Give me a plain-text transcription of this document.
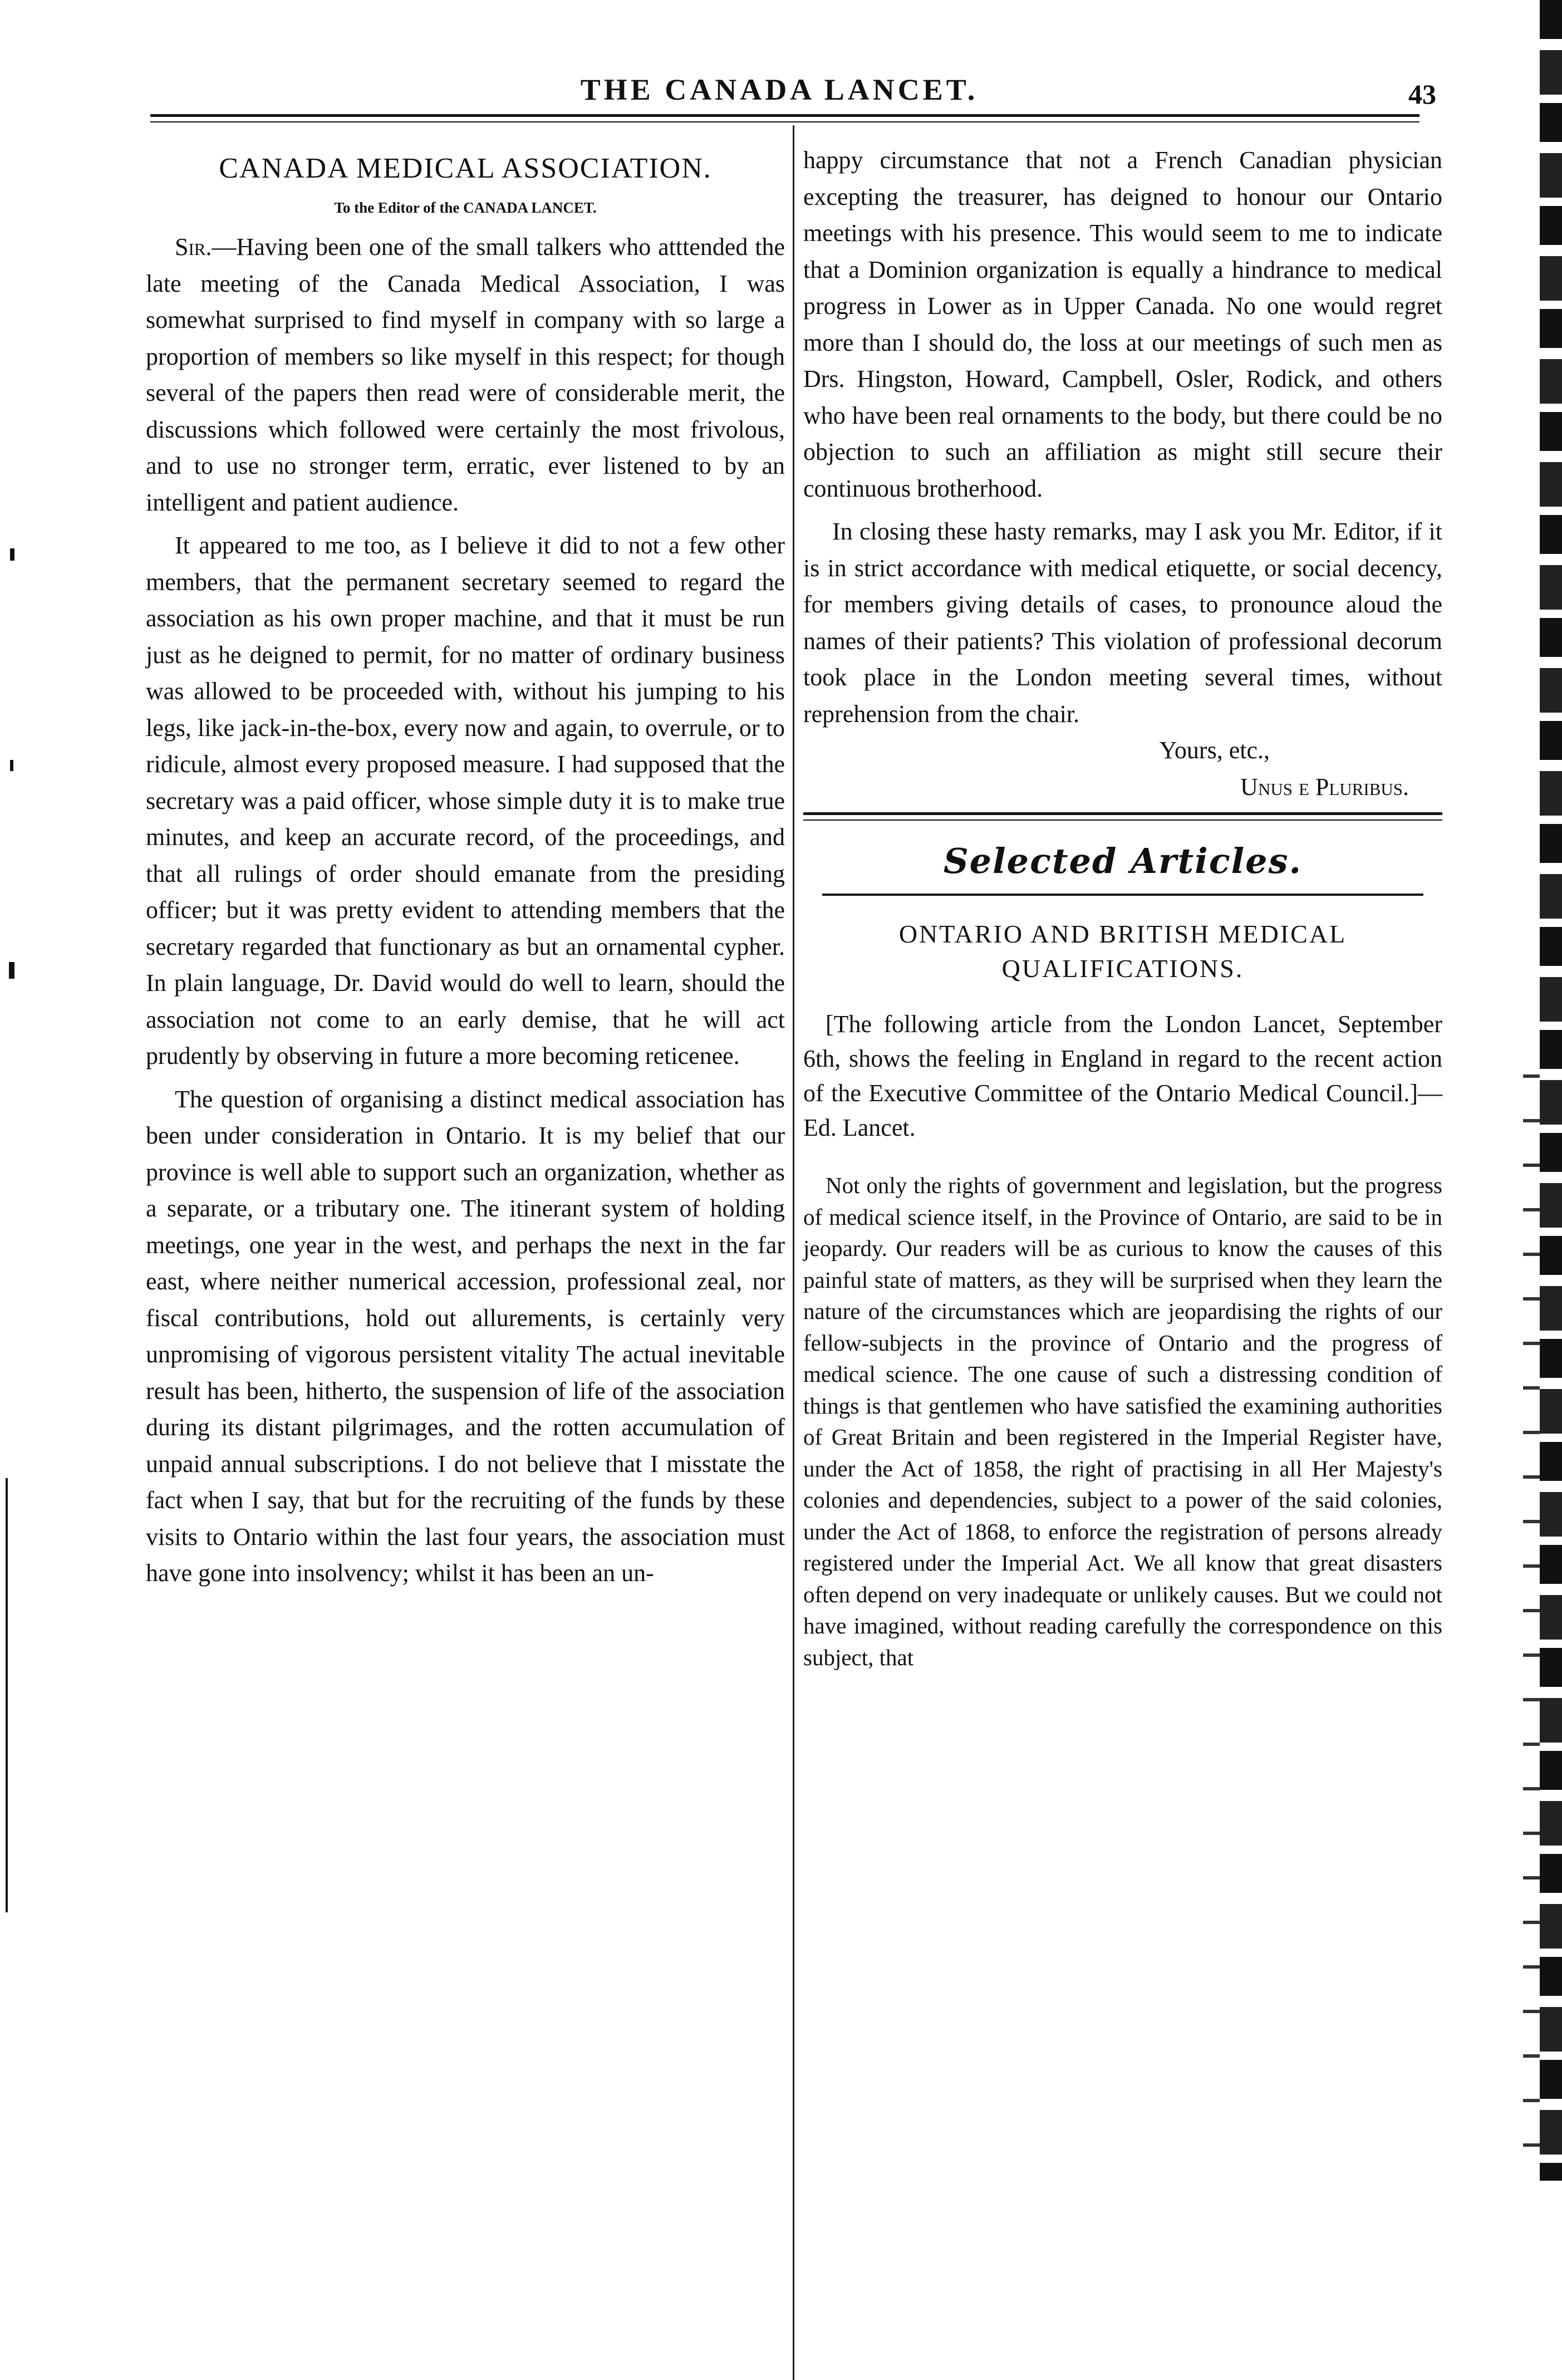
THE CANADA LANCET.	43
CANADA MEDICAL ASSOCIATION.
To the Editor of the CANADA LANCET.

Sir.—Having been one of the small talkers who atttended the late meeting of the Canada Medical Association, I was somewhat surprised to find myself in company with so large a proportion of members so like myself in this respect; for though several of the papers then read were of considerable merit, the discussions which followed were certainly the most frivolous, and to use no stronger term, erratic, ever listened to by an intelligent and patient audience.

It appeared to me too, as I believe it did to not a few other members, that the permanent secretary seemed to regard the association as his own proper machine, and that it must be run just as he deigned to permit, for no matter of ordinary business was allowed to be proceeded with, without his jumping to his legs, like jack-in-the-box, every now and again, to overrule, or to ridicule, almost every proposed measure. I had supposed that the secretary was a paid officer, whose simple duty it is to make true minutes, and keep an accurate record, of the proceedings, and that all rulings of order should emanate from the presiding officer; but it was pretty evident to attending members that the secretary regarded that functionary as but an ornamental cypher. In plain language, Dr. David would do well to learn, should the association not come to an early demise, that he will act prudently by observing in future a more becoming reticenee.

The question of organising a distinct medical association has been under consideration in Ontario. It is my belief that our province is well able to support such an organization, whether as a separate, or a tributary one. The itinerant system of holding meetings, one year in the west, and perhaps the next in the far east, where neither numerical accession, professional zeal, nor fiscal contributions, hold out allurements, is certainly very unpromising of vigorous persistent vitality The actual inevitable result has been, hitherto, the suspension of life of the association during its distant pilgrimages, and the rotten accumulation of unpaid annual subscriptions. I do not believe that I misstate the fact when I say, that but for the recruiting of the funds by these visits to Ontario within the last four years, the association must have gone into insolvency; whilst it has been an un-

happy circumstance that not a French Canadian physician excepting the treasurer, has deigned to honour our Ontario meetings with his presence. This would seem to me to indicate that a Dominion organization is equally a hindrance to medical progress in Lower as in Upper Canada. No one would regret more than I should do, the loss at our meetings of such men as Drs. Hingston, Howard, Campbell, Osler, Rodick, and others who have been real ornaments to the body, but there could be no objection to such an affiliation as might still secure their continuous brotherhood.

In closing these hasty remarks, may I ask you Mr. Editor, if it is in strict accordance with medical etiquette, or social decency, for members giving details of cases, to pronounce aloud the names of their patients? This violation of professional decorum took place in the London meeting several times, without reprehension from the chair.

Yours, etc.,
Unus e Pluribus.
Selected Articles.
ONTARIO AND BRITISH MEDICAL
QUALIFICATIONS.

[The following article from the London Lancet, September 6th, shows the feeling in England in regard to the recent action of the Executive Committee of the Ontario Medical Council.]—Ed. Lancet.

Not only the rights of government and legislation, but the progress of medical science itself, in the Province of Ontario, are said to be in jeopardy. Our readers will be as curious to know the causes of this painful state of matters, as they will be surprised when they learn the nature of the circumstances which are jeopardising the rights of our fellow-subjects in the province of Ontario and the progress of medical science. The one cause of such a distressing condition of things is that gentlemen who have satisfied the examining authorities of Great Britain and been registered in the Imperial Register have, under the Act of 1858, the right of practising in all Her Majesty's colonies and dependencies, subject to a power of the said colonies, under the Act of 1868, to enforce the registration of persons already registered under the Imperial Act. We all know that great disasters often depend on very inadequate or unlikely causes. But we could not have imagined, without reading carefully the correspondence on this subject, that
